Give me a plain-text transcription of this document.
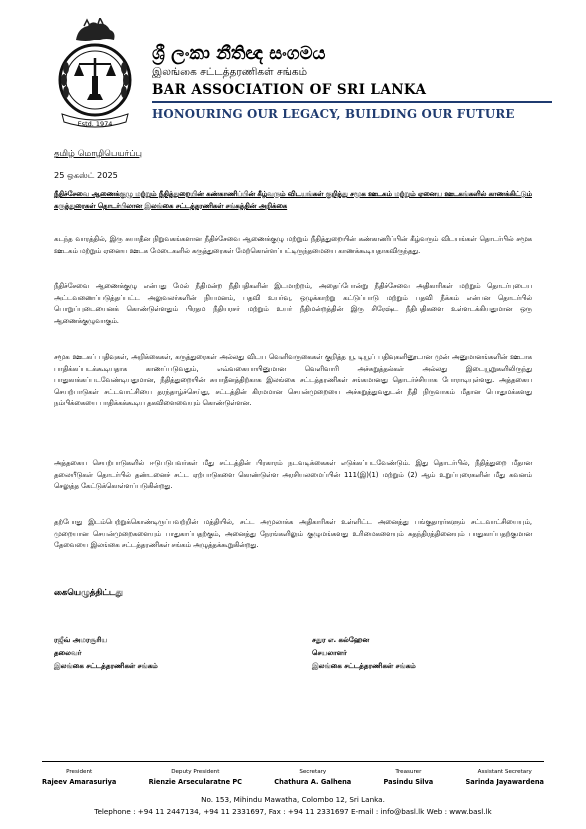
Estd. 1974
ශ්‍රී ලංකා නීතිඥ සංගමය
இலங்கை சட்டத்தரணிகள் சங்கம்
BAR ASSOCIATION OF SRI LANKA
HONOURING OUR LEGACY, BUILDING OUR FUTURE
தமிழ் மொழிபெயர்ப்பு
25 ஒகஸ்ட் 2025
நீதிச்சேவை ஆணைக்குழு மற்றும் நீதித்துறையின் கண்காணிப்பின் கீழ்வரும் விடயங்கள் குறித்து சமூக ஊடகம் மற்றும் ஏனைய ஊடகங்களில் காணக்கிட்டும் கருத்துரைகள் தொடர்பிலான இலங்கை சட்டத்தரணிகள் சங்கத்தின் அறிக்கை
கடந்த வாரத்தில், இரு சுயாதீன நிறுவகங்களான நீதிச்சேவை ஆணைக்குழு மற்றும் நீதித்துறையின் கண்காணிப்பின் கீழ்வரும் விடயங்கள் தொடர்பில் சமூக ஊடகம் மற்றும் ஏனைய ஊடக மேடைகளில் கருத்துரைகள் மேற்கொள்ளப்பட்டிருந்தமையை காணக்கூடியதாகவிருந்தது.
நீதிச்சேவை ஆணைக்குழு என்பது மேல் நீதிமன்ற நீதிபதிகளின் இடமாற்றம், அதைப்போன்று நீதிச்சேவை அதிகாரிகள் மற்றும் தொடர்புடைய அட்டவணைப்படுத்தப்பட்ட அலுவலர்களின் நியமனம், பதவி உயர்வு, ஒழுக்காற்று கட்டுப்பாடு மற்றும் பதவி நீக்கம் என்பன தொடர்பில் பொறுப்புடையைனக் கொண்டுள்ளதும் பிரதம நீதியரசர் மற்றும் உயர் நீதிமன்றத்தின் இரு சிரேஷ்ட நீதிபதிகளை உள்ளடக்கியதுமான ஒரு ஆணைக்குழுவாகும்.
சமூக ஊடகப் பதிவுகள், அறிக்கைகள், கருத்துரைகள் அல்லது விடய வெளிவருகைகள் குறித்த யூ டியூப் பதிவுகளினூடான முன் அனுமானங்களின் ஊடாக பாதிக்கப்படக்கூடியதாக காணப்படுவதும், எவ்வகையாயினுமான வெளிவாரி அச்சுறுத்தல்கள் அல்லது இடையூறுகளிலிருந்து பாதுகாக்கப்படவேண்டியதுமான, நீதித்துறையின் சுயாதீனத்திற்காக இலங்கை சட்டத்தரணிகள் சங்கமானது தொடர்ச்சியாக போராடியுள்ளது. அத்தகைய செயற்பாடுகள் சட்டவாட்சியை தரந்தாழ்ச்செய்து, சட்டத்தின் கிரமமான செயன்முறையை அச்சுறுத்துவதுடன் நீதி நிருவாகம் மீதான பொதுமக்களது நம்பிக்கையை பாதிக்கக்கூடிய தகவிளைவையும் கொண்டுள்ளன.
அத்தகைய செயற்பாடுகளில் ஈடுபடுபவர்கள் மீது சட்டத்தின் பிரகாரம் நடவடிக்கைகள் எடுக்கப்படவேண்டும். இது தொடர்பில், நீதித்துறை மீதான தலையீடுகள் தொடர்பில் தண்டனைச் சட்ட ஏற்பாடுகளை கொண்டுள்ள அரசியலமைப்பின் 111(இ)(1) மற்றும் (2) ஆம் உறுப்புரைகளின் மீது கவனம் செலுத்த கேட்டுக்கொள்ளப்படுகின்றது.
தற்போது இடம்பெற்றுக்கொண்டிருப்பவற்றின் மத்தியில், சட்ட அமுலாக்க அதிகாரிகள் உள்ளிட்ட அனைத்து பங்குதாரர்களும் சட்டவாட்சியையும், முறையான செயன்முறைகளையும் பாதுகாப்பதற்கும், அனைத்து நேரங்களிலும் குழுமங்களது உரிமைகளையும் சுதந்திரத்தினையும் பாதுகாப்பதற்குமான தேவையை இலங்கை சட்டத்தரணிகள் சங்கம் அழுத்தக்கூறுகின்றது.
கையெழுத்திட்டது
ரஜீவ் அமரசூரிய
தலைவர்
இலங்கை சட்டத்தரணிகள் சங்கம்
சதுர எ. கல்ஹேன
செயலாளர்
இலங்கை சட்டத்தரணிகள் சங்கம்
President
Rajeev Amarasuriya
Deputy President
Rienzie Arsecularatne PC
Secretary
Chathura A. Galhena
Treasurer
Pasindu Silva
Assistant Secretary
Sarinda Jayawardena
No. 153, Mihindu Mawatha, Colombo 12, Sri Lanka.
Telephone : +94 11 2447134, +94 11 2331697, Fax : +94 11 2331697 E-mail : info@basl.lk Web : www.basl.lk
